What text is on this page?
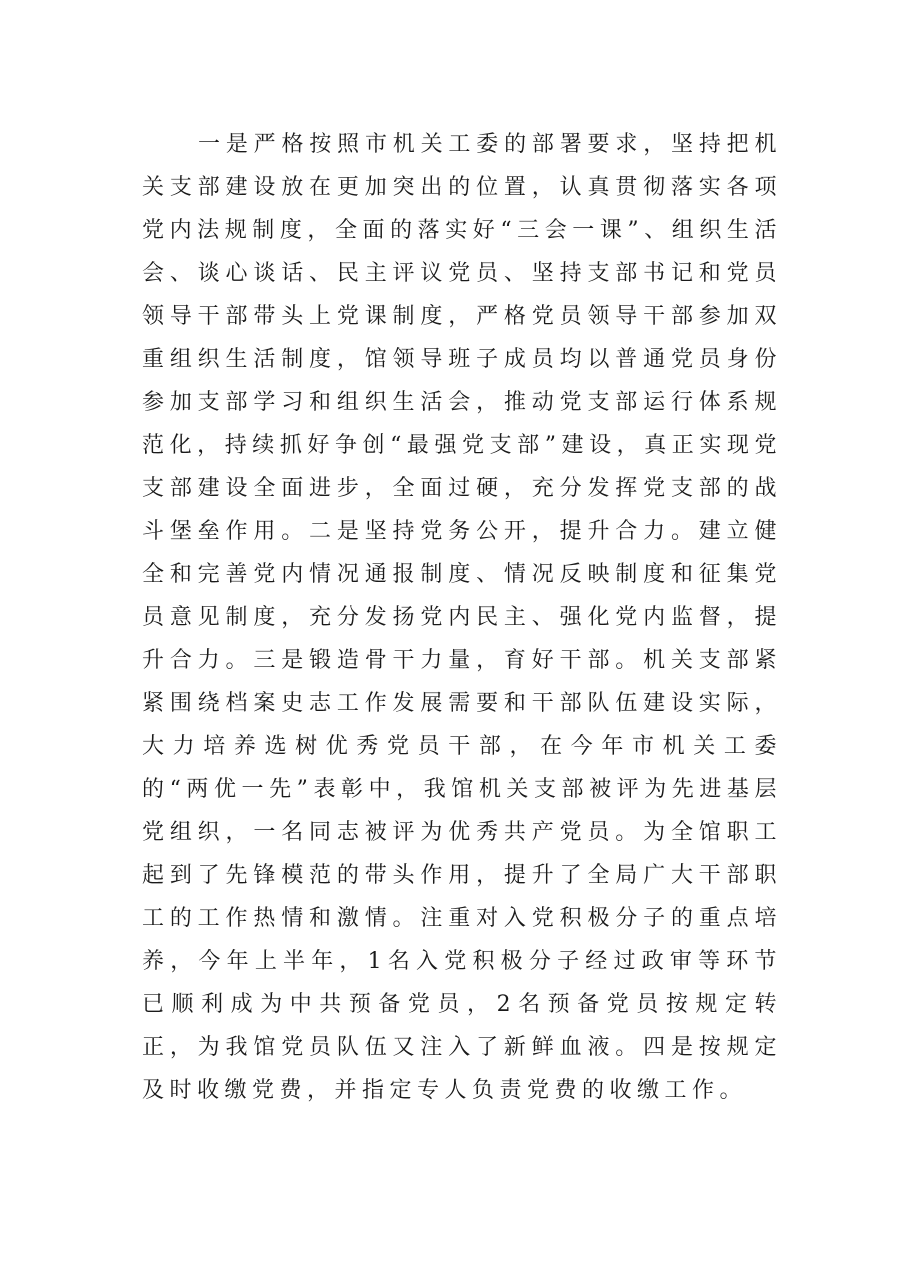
一是严格按照市机关工委的部署要求，坚持把机关支部建设放在更加突出的位置，认真贯彻落实各项党内法规制度，全面的落实好“三会一课”、组织生活会、谈心谈话、民主评议党员、坚持支部书记和党员领导干部带头上党课制度，严格党员领导干部参加双重组织生活制度，馆领导班子成员均以普通党员身份参加支部学习和组织生活会，推动党支部运行体系规范化，持续抓好争创“最强党支部”建设，真正实现党支部建设全面进步，全面过硬，充分发挥党支部的战斗堡垒作用。二是坚持党务公开，提升合力。建立健全和完善党内情况通报制度、情况反映制度和征集党员意见制度，充分发扬党内民主、强化党内监督，提升合力。三是锻造骨干力量，育好干部。机关支部紧紧围绕档案史志工作发展需要和干部队伍建设实际，大力培养选树优秀党员干部，在今年市机关工委的“两优一先”表彰中，我馆机关支部被评为先进基层党组织，一名同志被评为优秀共产党员。为全馆职工起到了先锋模范的带头作用，提升了全局广大干部职工的工作热情和激情。注重对入党积极分子的重点培养，今年上半年，1名入党积极分子经过政审等环节已顺利成为中共预备党员，2名预备党员按规定转正，为我馆党员队伍又注入了新鲜血液。四是按规定及时收缴党费，并指定专人负责党费的收缴工作。
